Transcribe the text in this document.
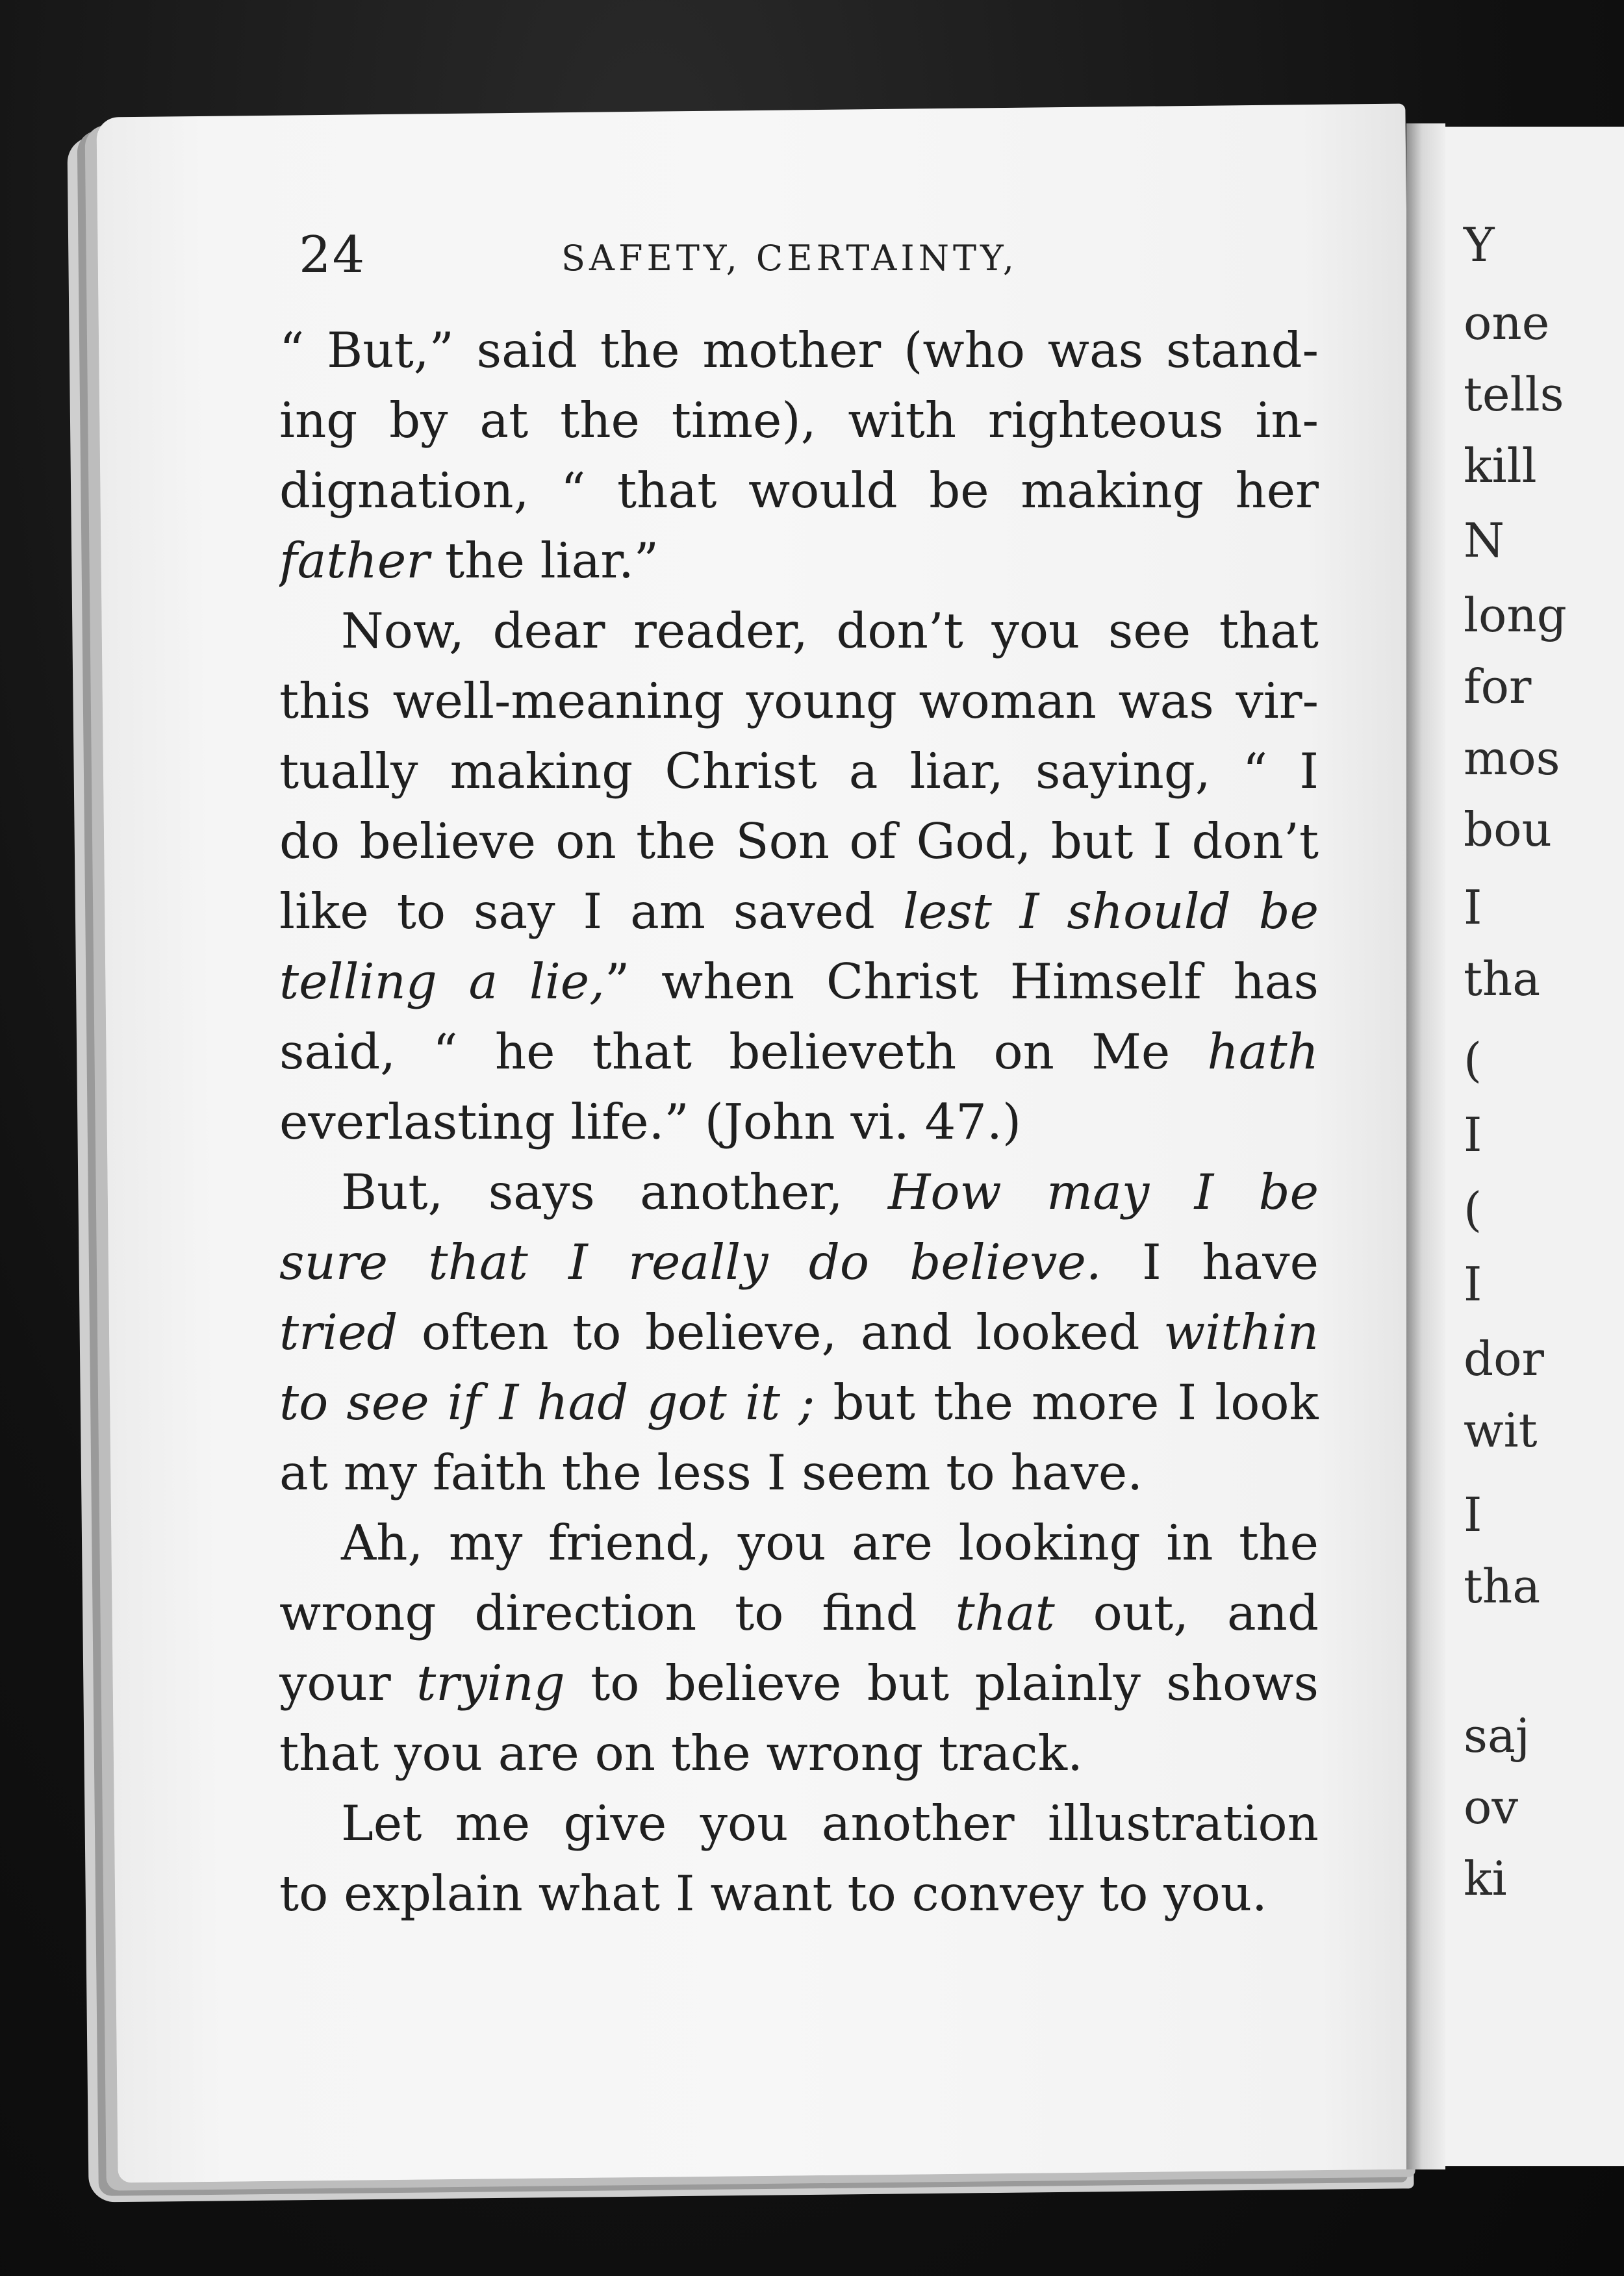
Y
one
tells
kill
N
long
for
mos
bou
I
tha
(
I
(
I
dor
wit
I
tha
saj
ov
ki
24	SAFETY, CERTAINTY,
“ But,” said the mother (who was stand-
ing by at the time), with righteous in-
dignation, “ that would be making her
father the liar.”
Now, dear reader, don’t you see that
this well-meaning young woman was vir-
tually making Christ a liar, saying, “ I
do believe on the Son of God, but I don’t
like to say I am saved lest I should be
telling a lie,” when Christ Himself has
said, “ he that believeth on Me hath
everlasting life.” (John vi. 47.)
But, says another, How may I be
sure that I really do believe. I have
tried often to believe, and looked within
to see if I had got it ; but the more I look
at my faith the less I seem to have.
Ah, my friend, you are looking in the
wrong direction to find that out, and
your trying to believe but plainly shows
that you are on the wrong track.
Let me give you another illustration
to explain what I want to convey to you.
